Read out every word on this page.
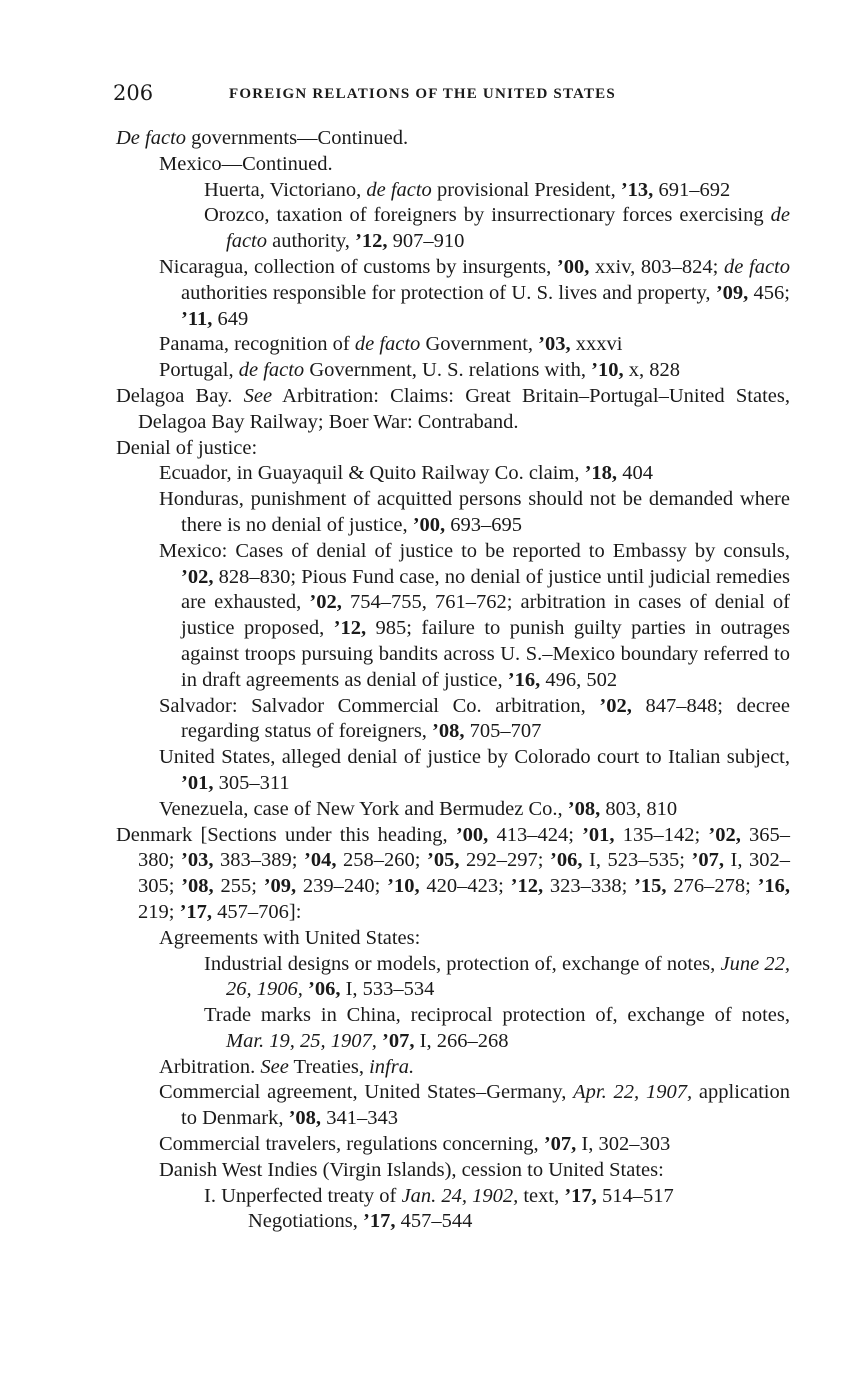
206	FOREIGN RELATIONS OF THE UNITED STATES
De facto governments—Continued.
Mexico—Continued.
Huerta, Victoriano, de facto provisional President, ’13, 691–692
Orozco, taxation of foreigners by insurrectionary forces exercising de facto authority, ’12, 907–910
Nicaragua, collection of customs by insurgents, ’00, xxiv, 803–824; de facto authorities responsible for protection of U. S. lives and property, ’09, 456; ’11, 649
Panama, recognition of de facto Government, ’03, xxxvi
Portugal, de facto Government, U. S. relations with, ’10, x, 828
Delagoa Bay. See Arbitration: Claims: Great Britain–Portugal–United States, Delagoa Bay Railway; Boer War: Contraband.
Denial of justice:
Ecuador, in Guayaquil & Quito Railway Co. claim, ’18, 404
Honduras, punishment of acquitted persons should not be demanded where there is no denial of justice, ’00, 693–695
Mexico: Cases of denial of justice to be reported to Embassy by consuls, ’02, 828–830; Pious Fund case, no denial of justice until judicial remedies are exhausted, ’02, 754–755, 761–762; arbitration in cases of denial of justice proposed, ’12, 985; failure to punish guilty parties in outrages against troops pursuing bandits across U. S.–Mexico boundary referred to in draft agreements as denial of justice, ’16, 496, 502
Salvador: Salvador Commercial Co. arbitration, ’02, 847–848; decree regarding status of foreigners, ’08, 705–707
United States, alleged denial of justice by Colorado court to Italian subject, ’01, 305–311
Venezuela, case of New York and Bermudez Co., ’08, 803, 810
Denmark [Sections under this heading, ’00, 413–424; ’01, 135–142; ’02, 365–380; ’03, 383–389; ’04, 258–260; ’05, 292–297; ’06, I, 523–535; ’07, I, 302–305; ’08, 255; ’09, 239–240; ’10, 420–423; ’12, 323–338; ’15, 276–278; ’16, 219; ’17, 457–706]:
Agreements with United States:
Industrial designs or models, protection of, exchange of notes, June 22, 26, 1906, ’06, I, 533–534
Trade marks in China, reciprocal protection of, exchange of notes, Mar. 19, 25, 1907, ’07, I, 266–268
Arbitration. See Treaties, infra.
Commercial agreement, United States–Germany, Apr. 22, 1907, application to Denmark, ’08, 341–343
Commercial travelers, regulations concerning, ’07, I, 302–303
Danish West Indies (Virgin Islands), cession to United States:
I. Unperfected treaty of Jan. 24, 1902, text, ’17, 514–517
Negotiations, ’17, 457–544
